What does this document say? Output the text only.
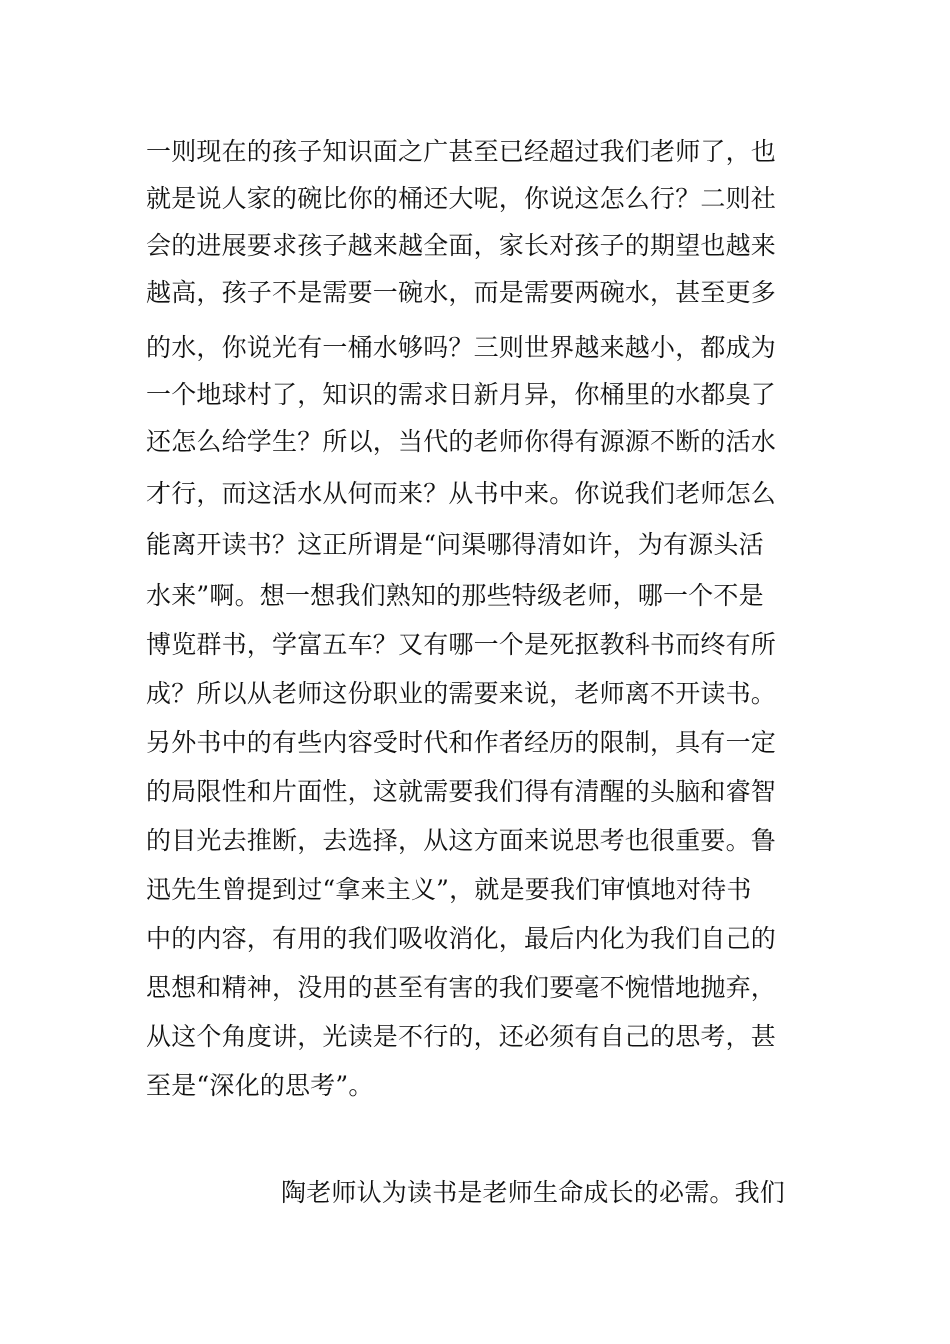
一则现在的孩子知识面之广甚至已经超过我们老师了，也
就是说人家的碗比你的桶还大呢，你说这怎么行？二则社
会的进展要求孩子越来越全面，家长对孩子的期望也越来
越高，孩子不是需要一碗水，而是需要两碗水，甚至更多
的水，你说光有一桶水够吗？三则世界越来越小，都成为
一个地球村了，知识的需求日新月异，你桶里的水都臭了
还怎么给学生？所以，当代的老师你得有源源不断的活水
才行，而这活水从何而来？从书中来。你说我们老师怎么
能离开读书？这正所谓是“问渠哪得清如许，为有源头活
水来”啊。想一想我们熟知的那些特级老师，哪一个不是
博览群书，学富五车？又有哪一个是死抠教科书而终有所
成？所以从老师这份职业的需要来说，老师离不开读书。
另外书中的有些内容受时代和作者经历的限制，具有一定
的局限性和片面性，这就需要我们得有清醒的头脑和睿智
的目光去推断，去选择，从这方面来说思考也很重要。鲁
迅先生曾提到过“拿来主义”，就是要我们审慎地对待书
中的内容，有用的我们吸收消化，最后内化为我们自己的
思想和精神，没用的甚至有害的我们要毫不惋惜地抛弃，
从这个角度讲，光读是不行的，还必须有自己的思考，甚
至是“深化的思考”。
陶老师认为读书是老师生命成长的必需。我们
